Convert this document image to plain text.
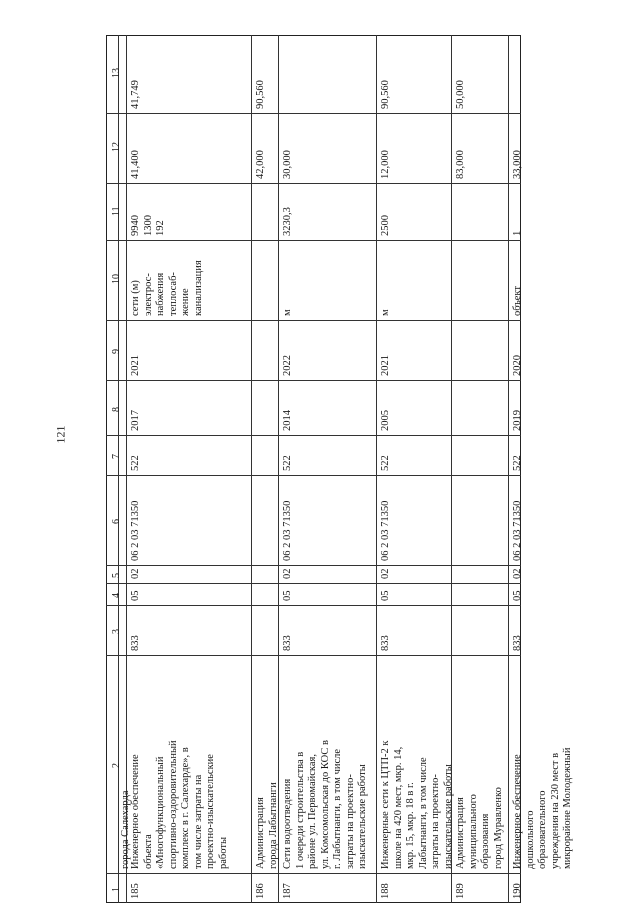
121
1
2
3
4
5
6
7
8
9
10
11
12
13
города Салехарда
185
Инженерное обеспечение объекта «Многофункциональный спортивно-оздоровительный комплекс в г. Салехарде», в том числе затраты на проектно-изыскательские работы
833
05
02
06 2 03 71350
522
2017
2021
сети (м) электрос- набжения теплосаб- жение канализация
9940 1300 192
41,400
41,749
186
Администрация города Лабытнанги
42,000
90,560
187
Сети водоотведения 1 очереди строительства в районе ул. Первомайская, ул. Комсомольская до КОС в г. Лабытнанги, в том числе затраты на проектно- изыскательские работы
833
05
02
06 2 03 71350
522
2014
2022
м
3230,3
30,000
188
Инженерные сети к ЦТП-2 к школе на 420 мест, мкр. 14, мкр. 15, мкр. 18 в г. Лабытнанги, в том числе затраты на проектно- изыскательские работы
833
05
02
06 2 03 71350
522
2005
2021
м
2500
12,000
90,560
189
Администрация муниципального образования город Муравленко
83,000
50,000
190
Инженерное обеспечение дошкольного образовательного учреждения на 230 мест в микрорайоне Молодежный
833
05
02
06 2 03 71350
522
2019
2020
объект
1
33,000
